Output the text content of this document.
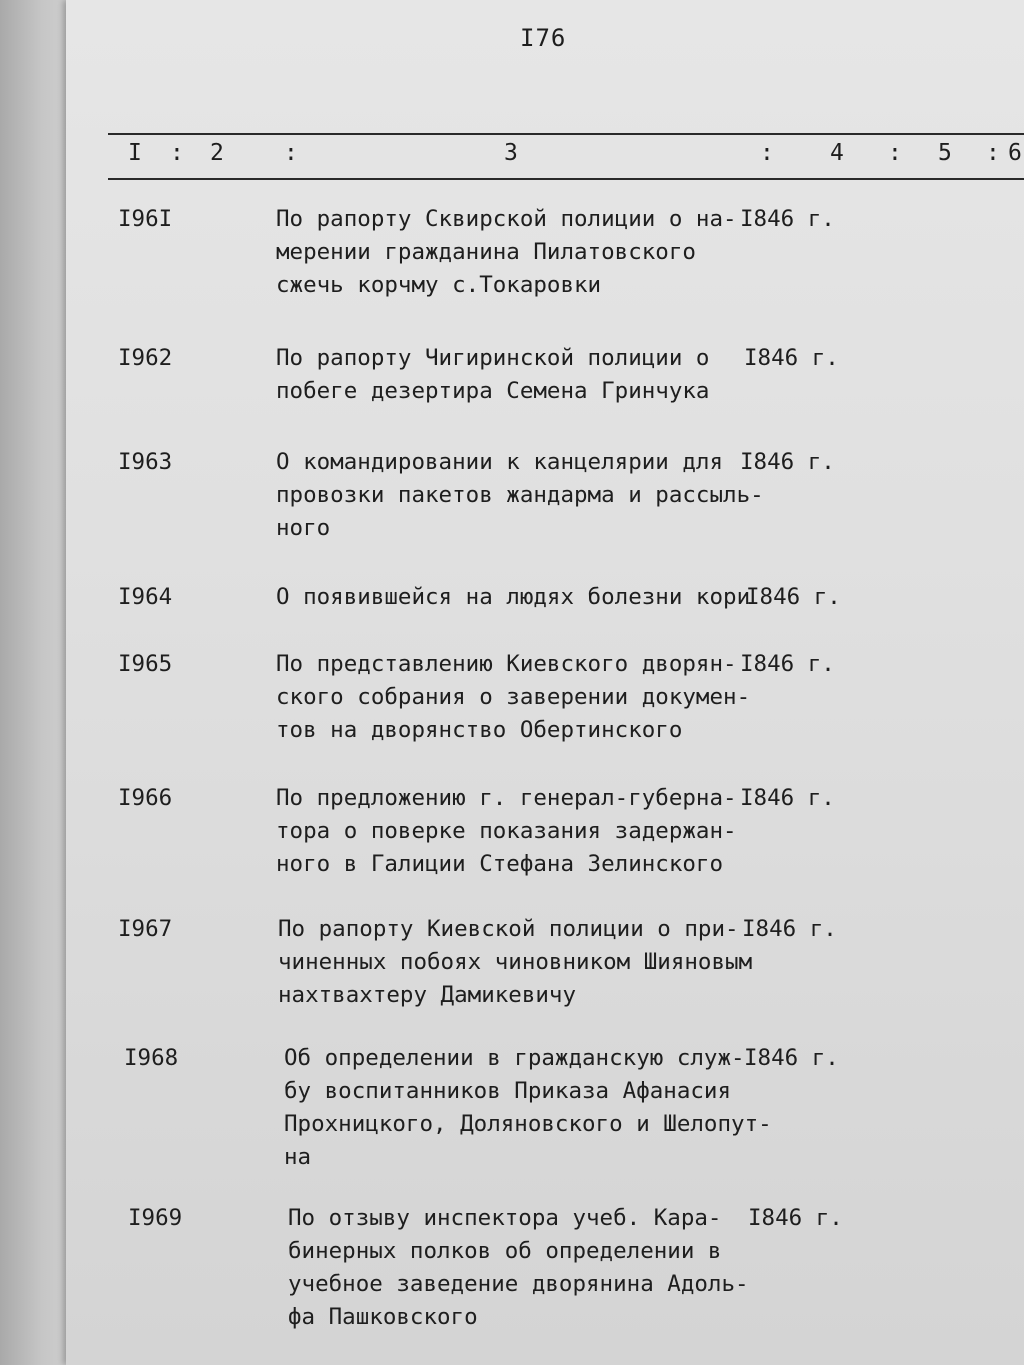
I76
I : 2	:	3	: 4 : 5 : 6
I96I	По рапорту Сквирской полиции о на-
мерении гражданина Пилатовского
сжечь корчму с.Токаровки
I846 г.
I962	По рапорту Чигиринской полиции о
побеге дезертира Семена Гринчука
I846 г.
I963	О командировании к канцелярии для
провозки пакетов жандарма и рассыль-
ного
I846 г.
I964	О появившейся на людях болезни кори
I846 г.
I965	По представлению Киевского дворян-
ского собрания о заверении докумен-
тов на дворянство Обертинского
I846 г.
I966	По предложению г. генерал-губерна-
тора о поверке показания задержан-
ного в Галиции Стефана Зелинского
I846 г.
I967	По рапорту Киевской полиции о при-
чиненных побоях чиновником Шияновым
нахтвахтеру Дамикевичу
I846 г.
I968	Об определении в гражданскую служ-
бу воспитанников Приказа Афанасия
Прохницкого, Доляновского и Шелопут-
на
I846 г.
I969	По отзыву инспектора учеб. Кара-
бинерных полков об определении в
учебное заведение дворянина Адоль-
фа Пашковского
I846 г.
